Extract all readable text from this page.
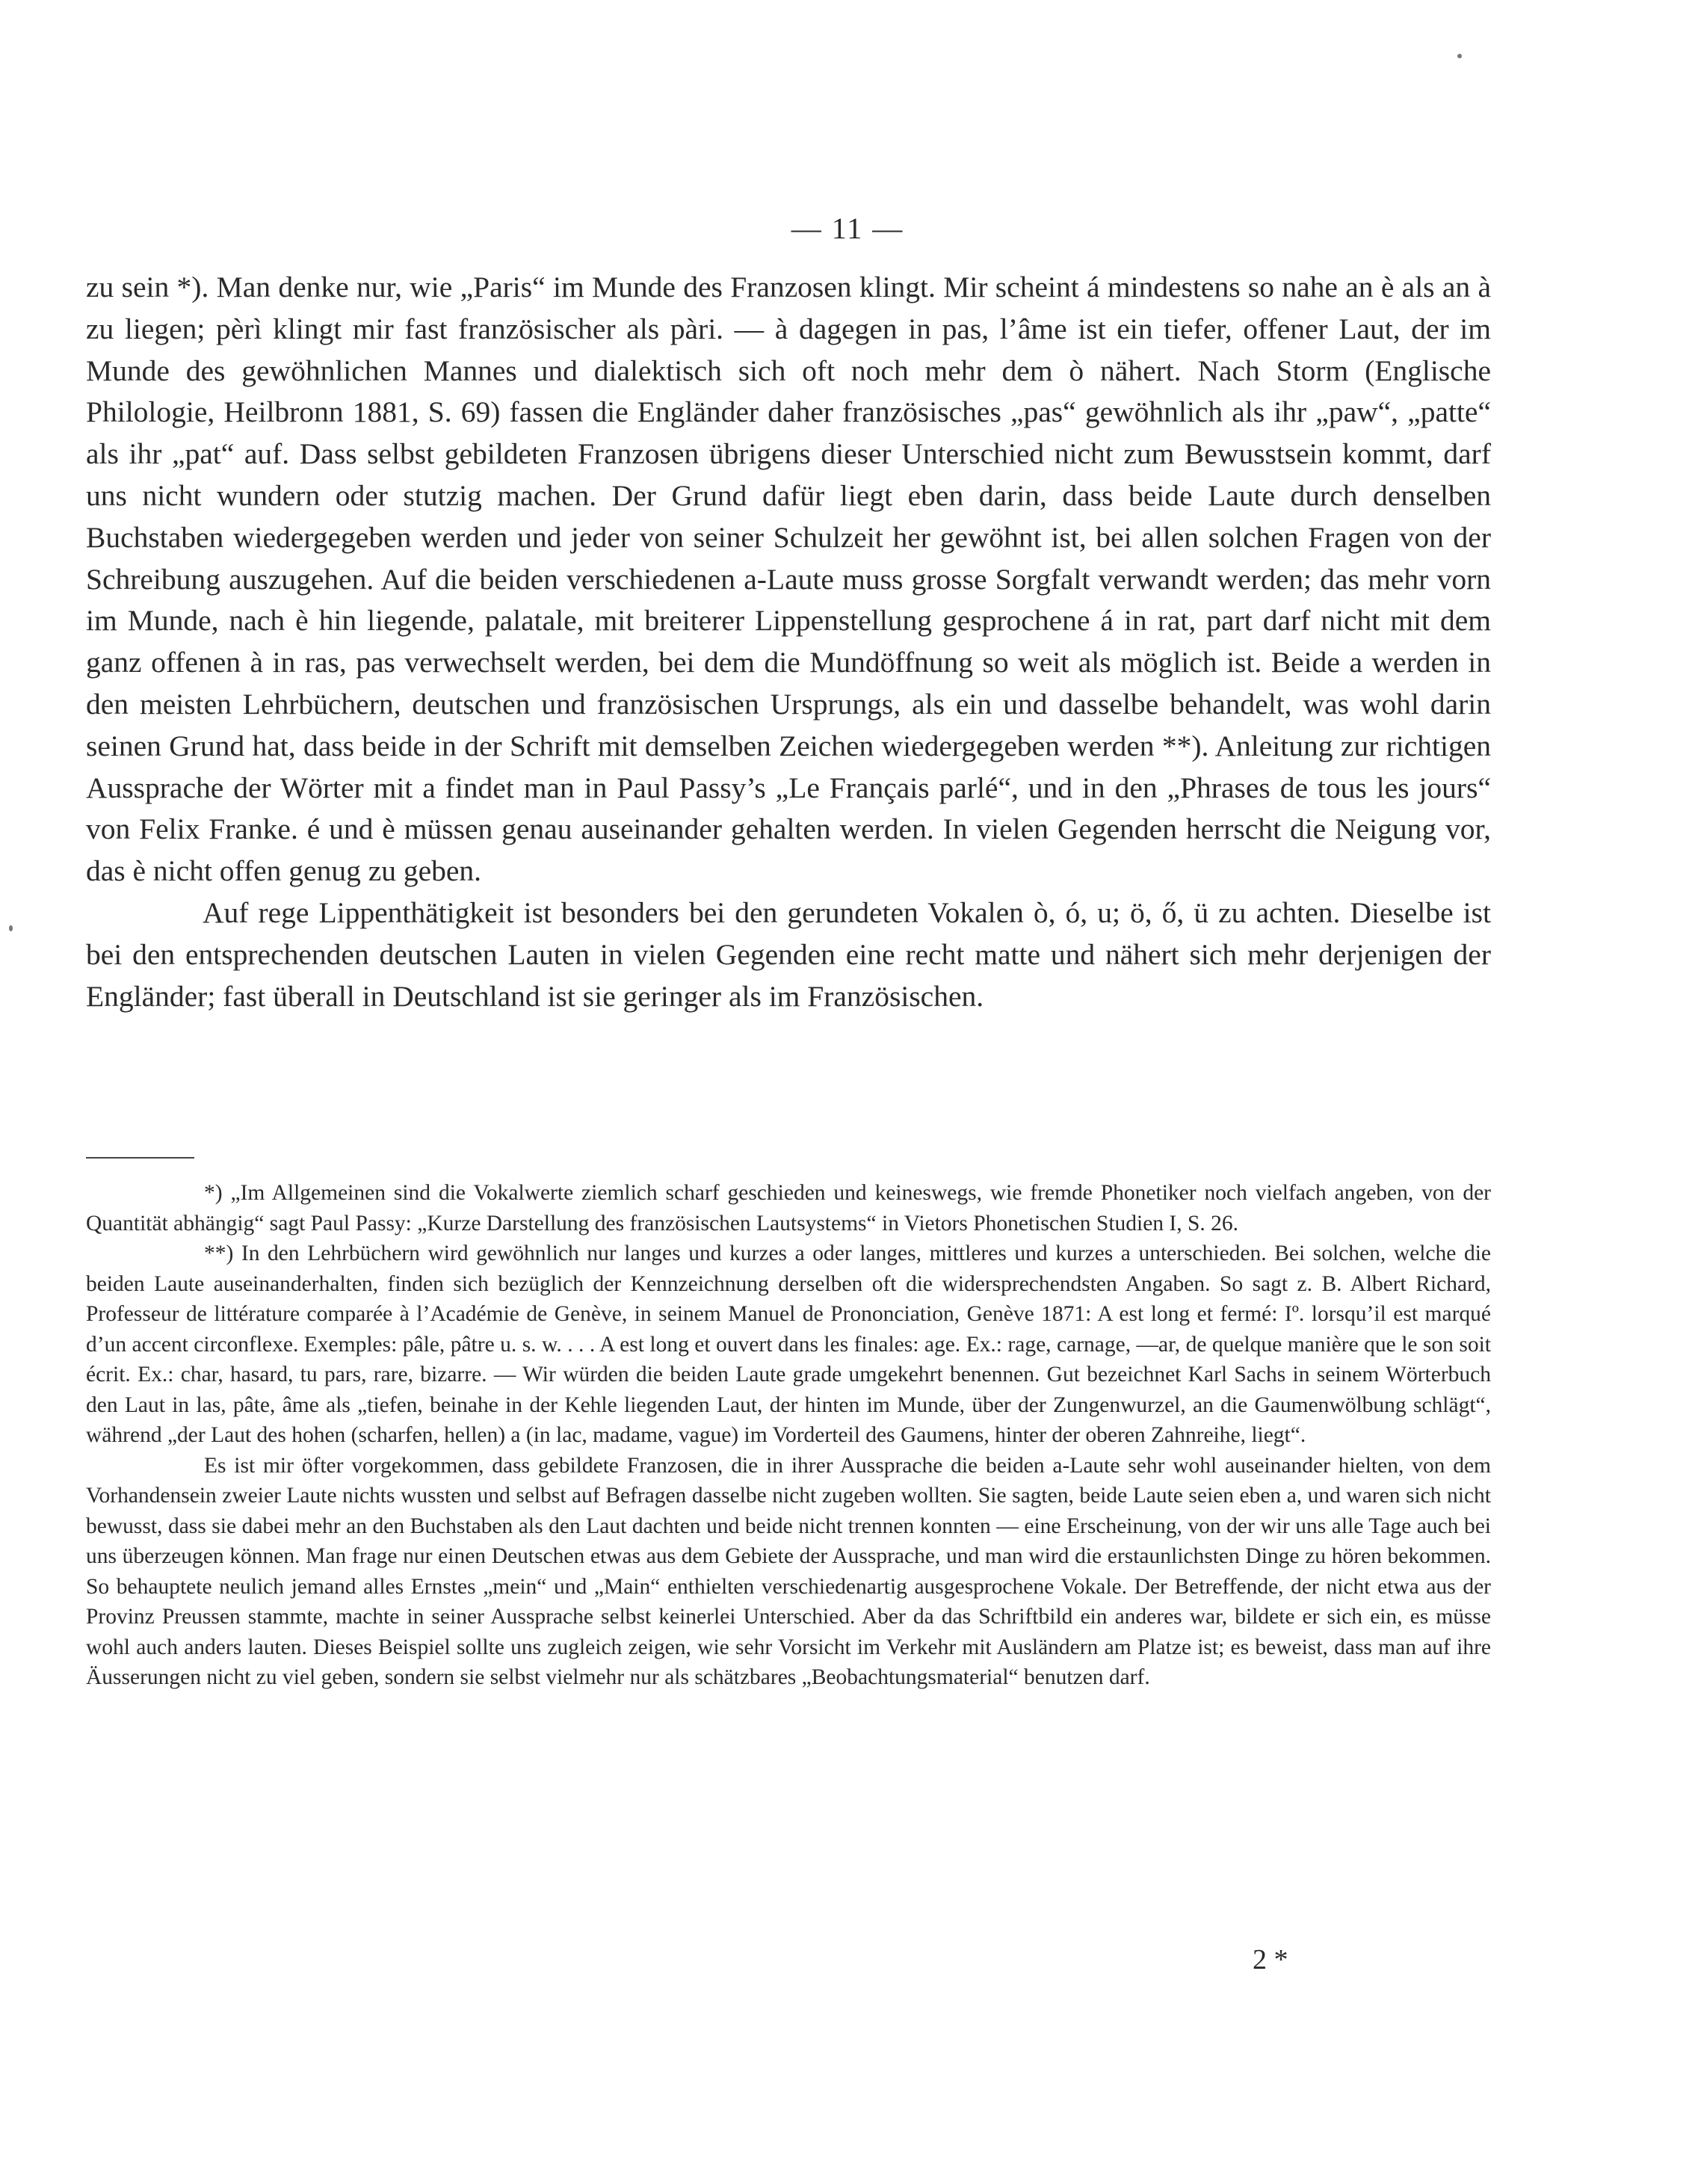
— 11 —

zu sein *). Man denke nur, wie „Paris“ im Munde des Franzosen klingt. Mir scheint á mindestens so nahe an è als an à zu liegen; pèrì klingt mir fast französischer als pàri. — à dagegen in pas, l’âme ist ein tiefer, offener Laut, der im Munde des gewöhnlichen Mannes und dialektisch sich oft noch mehr dem ò nähert. Nach Storm (Englische Philologie, Heilbronn 1881, S. 69) fassen die Engländer daher französisches „pas“ gewöhnlich als ihr „paw“, „patte“ als ihr „pat“ auf. Dass selbst gebildeten Franzosen übrigens dieser Unterschied nicht zum Bewusstsein kommt, darf uns nicht wundern oder stutzig machen. Der Grund dafür liegt eben darin, dass beide Laute durch denselben Buchstaben wiedergegeben werden und jeder von seiner Schulzeit her gewöhnt ist, bei allen solchen Fragen von der Schreibung auszugehen. Auf die beiden verschiedenen a-Laute muss grosse Sorgfalt verwandt werden; das mehr vorn im Munde, nach è hin liegende, palatale, mit breiterer Lippenstellung gesprochene á in rat, part darf nicht mit dem ganz offenen à in ras, pas verwechselt werden, bei dem die Mundöffnung so weit als möglich ist. Beide a werden in den meisten Lehrbüchern, deutschen und französischen Ursprungs, als ein und dasselbe behandelt, was wohl darin seinen Grund hat, dass beide in der Schrift mit demselben Zeichen wiedergegeben werden **). Anleitung zur richtigen Aussprache der Wörter mit a findet man in Paul Passy’s „Le Français parlé“, und in den „Phrases de tous les jours“ von Felix Franke. é und è müssen genau auseinander gehalten werden. In vielen Gegenden herrscht die Neigung vor, das è nicht offen genug zu geben.

Auf rege Lippenthätigkeit ist besonders bei den gerundeten Vokalen ò, ó, u; ö, ő, ü zu achten. Dieselbe ist bei den entsprechenden deutschen Lauten in vielen Gegenden eine recht matte und nähert sich mehr derjenigen der Engländer; fast überall in Deutschland ist sie geringer als im Französischen.

*) „Im Allgemeinen sind die Vokalwerte ziemlich scharf geschieden und keineswegs, wie fremde Phonetiker noch vielfach angeben, von der Quantität abhängig“ sagt Paul Passy: „Kurze Darstellung des französischen Lautsystems“ in Vietors Phonetischen Studien I, S. 26.

**) In den Lehrbüchern wird gewöhnlich nur langes und kurzes a oder langes, mittleres und kurzes a unterschieden. Bei solchen, welche die beiden Laute auseinanderhalten, finden sich bezüglich der Kennzeichnung derselben oft die widersprechendsten Angaben. So sagt z. B. Albert Richard, Professeur de littérature comparée à l’Académie de Genève, in seinem Manuel de Prononciation, Genève 1871: A est long et fermé: Iº. lorsqu’il est marqué d’un accent circonflexe. Exemples: pâle, pâtre u. s. w. . . . A est long et ouvert dans les finales: age. Ex.: rage, carnage, —ar, de quelque manière que le son soit écrit. Ex.: char, hasard, tu pars, rare, bizarre. — Wir würden die beiden Laute grade umgekehrt benennen. Gut bezeichnet Karl Sachs in seinem Wörterbuch den Laut in las, pâte, âme als „tiefen, beinahe in der Kehle liegenden Laut, der hinten im Munde, über der Zungenwurzel, an die Gaumenwölbung schlägt“, während „der Laut des hohen (scharfen, hellen) a (in lac, madame, vague) im Vorderteil des Gaumens, hinter der oberen Zahnreihe, liegt“.

Es ist mir öfter vorgekommen, dass gebildete Franzosen, die in ihrer Aussprache die beiden a-Laute sehr wohl auseinander hielten, von dem Vorhandensein zweier Laute nichts wussten und selbst auf Befragen dasselbe nicht zugeben wollten. Sie sagten, beide Laute seien eben a, und waren sich nicht bewusst, dass sie dabei mehr an den Buchstaben als den Laut dachten und beide nicht trennen konnten — eine Erscheinung, von der wir uns alle Tage auch bei uns überzeugen können. Man frage nur einen Deutschen etwas aus dem Gebiete der Aussprache, und man wird die erstaunlichsten Dinge zu hören bekommen. So behauptete neulich jemand alles Ernstes „mein“ und „Main“ enthielten verschiedenartig ausgesprochene Vokale. Der Betreffende, der nicht etwa aus der Provinz Preussen stammte, machte in seiner Aussprache selbst keinerlei Unterschied. Aber da das Schriftbild ein anderes war, bildete er sich ein, es müsse wohl auch anders lauten. Dieses Beispiel sollte uns zugleich zeigen, wie sehr Vorsicht im Verkehr mit Ausländern am Platze ist; es beweist, dass man auf ihre Äusserungen nicht zu viel geben, sondern sie selbst vielmehr nur als schätzbares „Beobachtungsmaterial“ benutzen darf.

2 *
